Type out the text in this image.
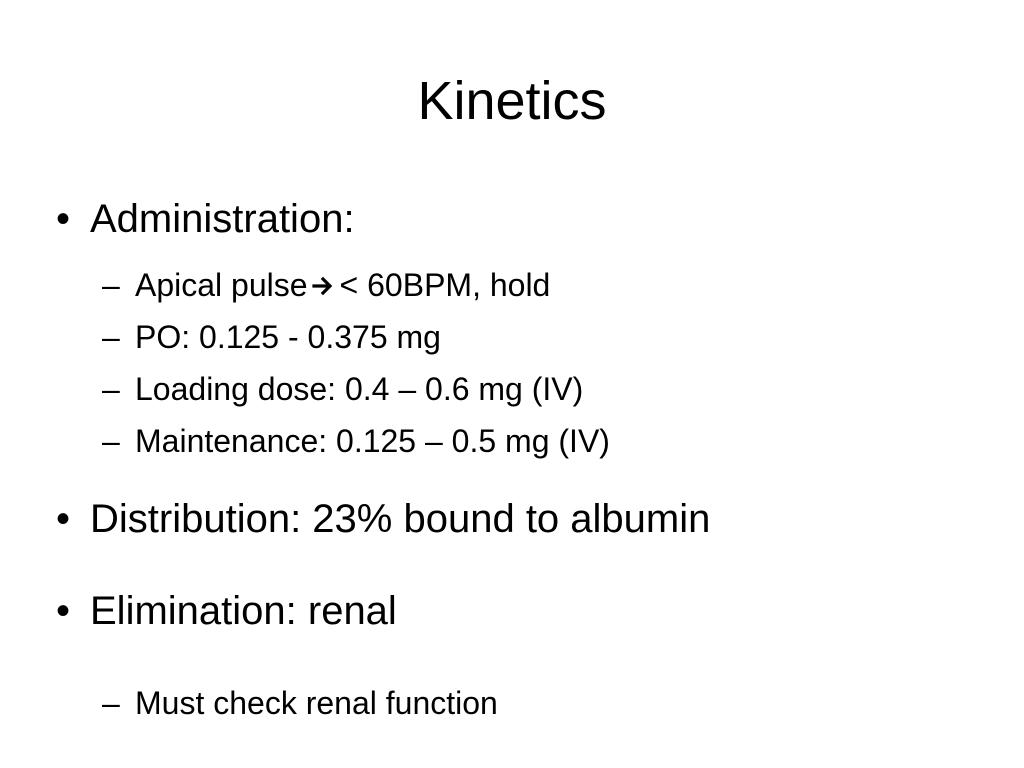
Kinetics
• Administration:
– Apical pulse < 60BPM, hold
– PO: 0.125 - 0.375 mg
– Loading dose: 0.4 – 0.6 mg (IV)
– Maintenance: 0.125 – 0.5 mg (IV)
• Distribution: 23% bound to albumin
• Elimination: renal
– Must check renal function
